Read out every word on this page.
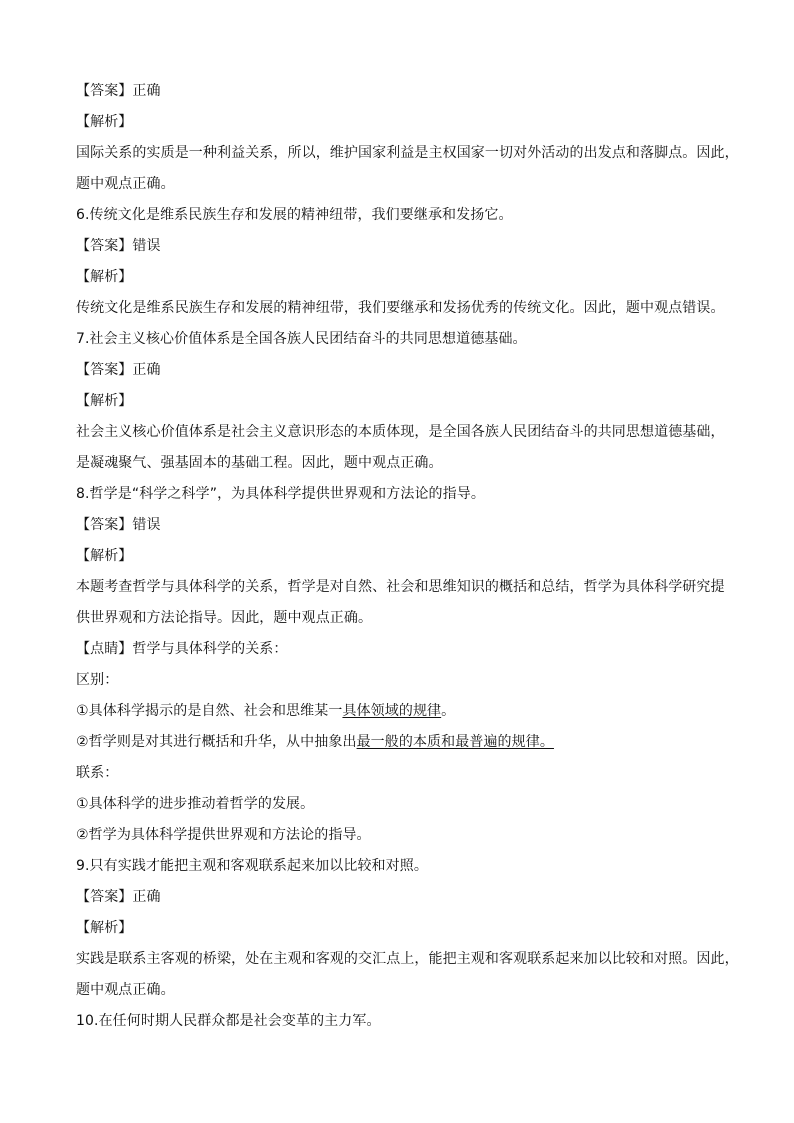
【答案】正确
【解析】
国际关系的实质是一种利益关系，所以，维护国家利益是主权国家一切对外活动的出发点和落脚点。因此，
题中观点正确。
6.传统文化是维系民族生存和发展的精神纽带，我们要继承和发扬它。
【答案】错误
【解析】
传统文化是维系民族生存和发展的精神纽带，我们要继承和发扬优秀的传统文化。因此，题中观点错误。
7.社会主义核心价值体系是全国各族人民团结奋斗的共同思想道德基础。
【答案】正确
【解析】
社会主义核心价值体系是社会主义意识形态的本质体现，是全国各族人民团结奋斗的共同思想道德基础，
是凝魂聚气、强基固本的基础工程。因此，题中观点正确。
8.哲学是“科学之科学”，为具体科学提供世界观和方法论的指导。
【答案】错误
【解析】
本题考查哲学与具体科学的关系，哲学是对自然、社会和思维知识的概括和总结，哲学为具体科学研究提
供世界观和方法论指导。因此，题中观点正确。
【点睛】哲学与具体科学的关系：
区别：
①具体科学揭示的是自然、社会和思维某一具体领域的规律。
②哲学则是对其进行概括和升华，从中抽象出最一般的本质和最普遍的规律。
联系：
①具体科学的进步推动着哲学的发展。
②哲学为具体科学提供世界观和方法论的指导。
9.只有实践才能把主观和客观联系起来加以比较和对照。
【答案】正确
【解析】
实践是联系主客观的桥梁，处在主观和客观的交汇点上，能把主观和客观联系起来加以比较和对照。因此，
题中观点正确。
10.在任何时期人民群众都是社会变革的主力军。
